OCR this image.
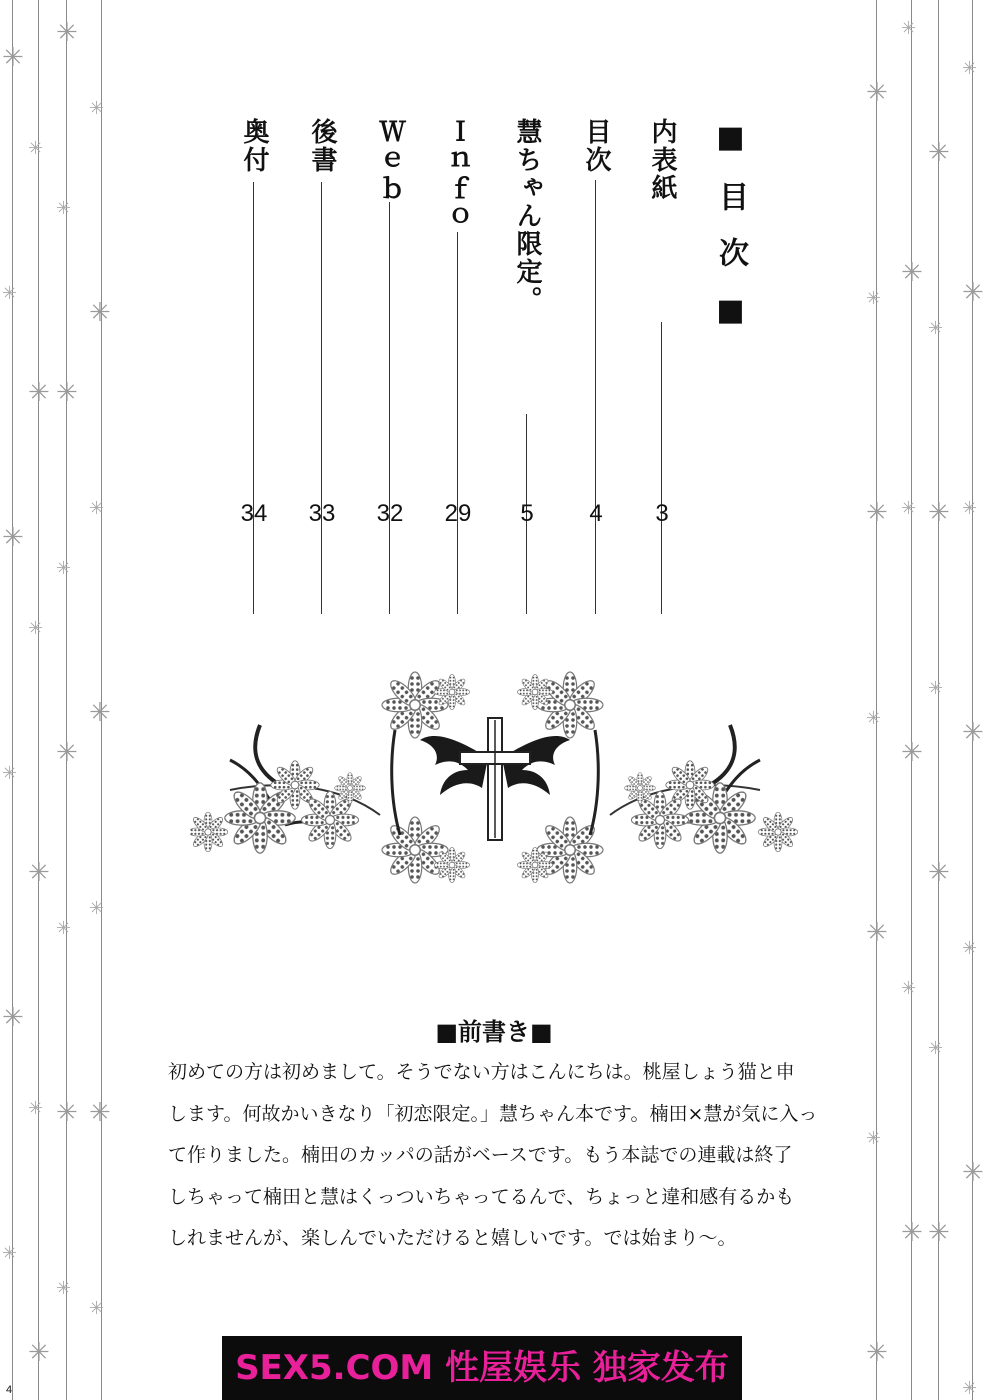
✳
✳
✳
✳
✳
✳
✳
✳
✳
✳
✳
✳
✳
✳
✳
✳
✳
✳
✳
✳
✳
✳
✳
✳
✳
✳
✳
✳
✳
✳
✳
✳
✳
✳
✳
✳
✳
✳
✳
✳
✳
✳
✳
✳
✳
✳
✳
✳
✳
✳
✳
✳
✳
✳
■目次■
内表紙
3
目次
4
慧ちゃん限定。
5
Ｉｎｆｏ
29
Ｗｅｂ
32
後書
33
奥付
34
■前書き■
初めての方は初めまして。そうでない方はこんにちは。桃屋しょう猫と申
します。何故かいきなり「初恋限定。」慧ちゃん本です。楠田×慧が気に入っ
て作りました。楠田のカッパの話がベースです。もう本誌での連載は終了
しちゃって楠田と慧はくっついちゃってるんで、ちょっと違和感有るかも
しれませんが、楽しんでいただけると嬉しいです。では始まり～。
SEX5.COM 性屋娱乐 独家发布
4
